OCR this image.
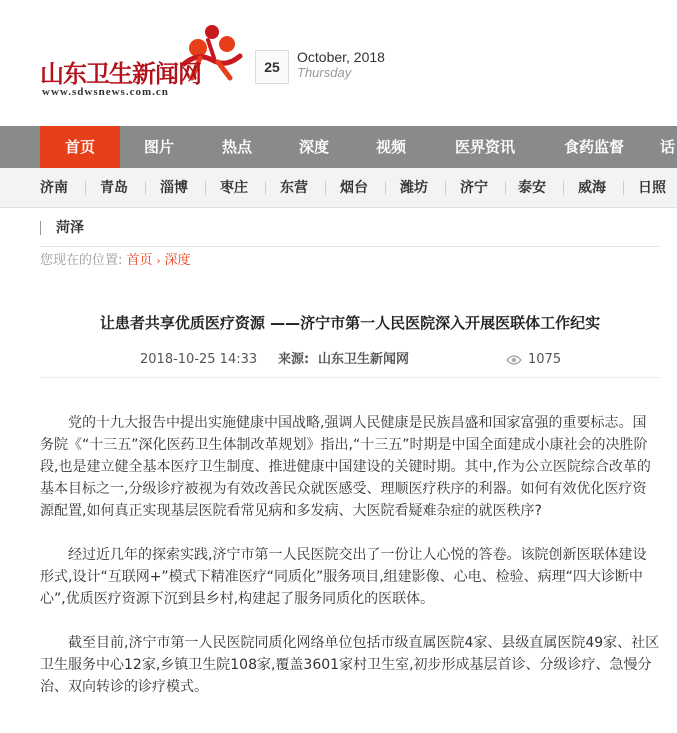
山东卫生新闻网
www.sdwsnews.com.cn
25
October, 2018
Thursday
首页	图片	热点	深度	视频	医界资讯	食药监督	话
济南 青岛 淄博 枣庄 东营 烟台 潍坊 济宁 泰安 威海 日照
菏泽
您现在的位置: 首页 › 深度
让患者共享优质医疗资源 ——济宁市第一人民医院深入开展医联体工作纪实
2018-10-25 14:33 来源: 山东卫生新闻网	1075

党的十九大报告中提出实施健康中国战略,强调人民健康是民族昌盛和国家富强的重要标志。国务院《“十三五”深化医药卫生体制改革规划》指出,“十三五”时期是中国全面建成小康社会的决胜阶段,也是建立健全基本医疗卫生制度、推进健康中国建设的关键时期。其中,作为公立医院综合改革的基本目标之一,分级诊疗被视为有效改善民众就医感受、理顺医疗秩序的利器。如何有效优化医疗资源配置,如何真正实现基层医院看常见病和多发病、大医院看疑难杂症的就医秩序?

经过近几年的探索实践,济宁市第一人民医院交出了一份让人心悦的答卷。该院创新医联体建设形式,设计“互联网+”模式下精准医疗“同质化”服务项目,组建影像、心电、检验、病理“四大诊断中心”,优质医疗资源下沉到县乡村,构建起了服务同质化的医联体。

截至目前,济宁市第一人民医院同质化网络单位包括市级直属医院4家、县级直属医院49家、社区卫生服务中心12家,乡镇卫生院108家,覆盖3601家村卫生室,初步形成基层首诊、分级诊疗、急慢分治、双向转诊的诊疗模式。
